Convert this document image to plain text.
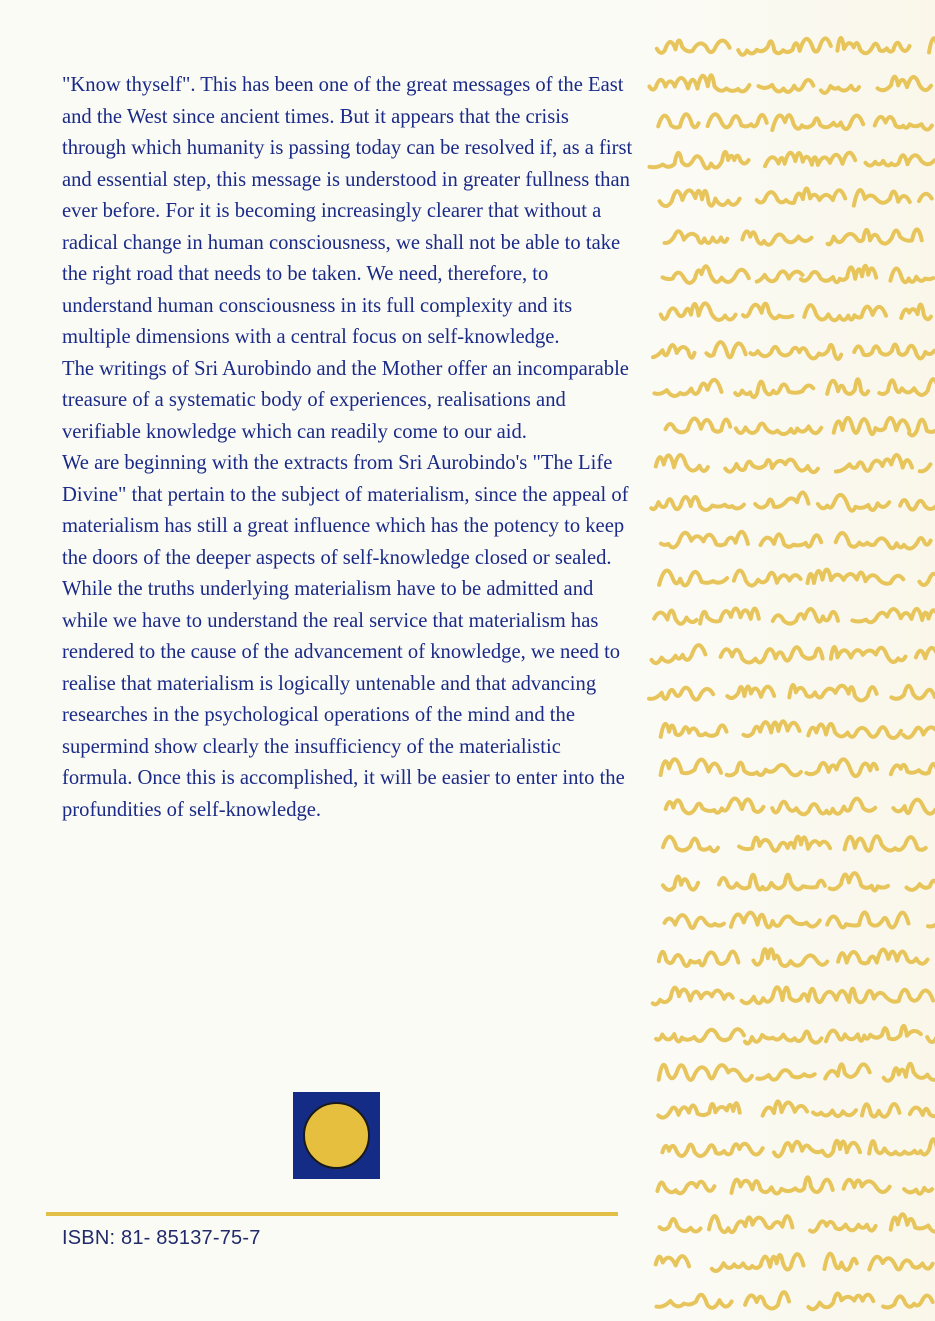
"Know thyself". This has been one of the great messages of the East and the West since ancient times. But it appears that the crisis through which humanity is passing today can be resolved if, as a first and essential step, this message is understood in greater fullness than ever before. For it is becoming increasingly clearer that without a radical change in human consciousness, we shall not be able to take the right road that needs to be taken. We need, therefore, to understand human consciousness in its full complexity and its multiple dimensions with a central focus on self-knowledge.

The writings of Sri Aurobindo and the Mother offer an incomparable treasure of a systematic body of experiences, realisations and verifiable knowledge which can readily come to our aid.

We are beginning with the extracts from Sri Aurobindo's "The Life Divine" that pertain to the subject of materialism, since the appeal of materialism has still a great influence which has the potency to keep the doors of the deeper aspects of self-knowledge closed or sealed. While the truths underlying materialism have to be admitted and while we have to understand the real service that materialism has rendered to the cause of the advancement of knowledge, we need to realise that materialism is logically untenable and that advancing researches in the psychological operations of the mind and the supermind show clearly the insufficiency of the materialistic formula. Once this is accomplished, it will be easier to enter into the profundities of self-knowledge.

ISBN: 81- 85137-75-7
